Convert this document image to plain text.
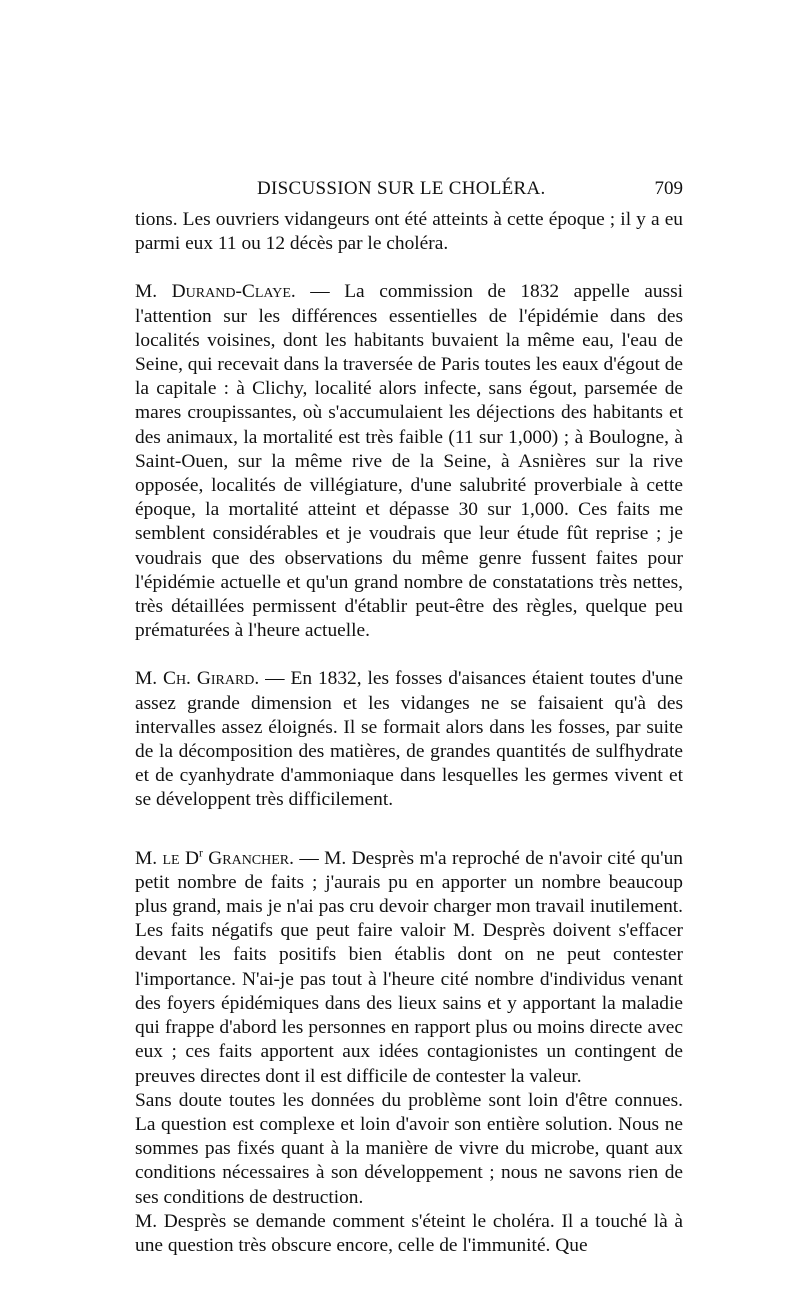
DISCUSSION SUR LE CHOLÉRA.	709

tions. Les ouvriers vidangeurs ont été atteints à cette époque ; il y a eu parmi eux 11 ou 12 décès par le choléra.

M. Durand-Claye. — La commission de 1832 appelle aussi l'attention sur les différences essentielles de l'épidémie dans des localités voisines, dont les habitants buvaient la même eau, l'eau de Seine, qui recevait dans la traversée de Paris toutes les eaux d'égout de la capitale : à Clichy, localité alors infecte, sans égout, parsemée de mares croupissantes, où s'accumulaient les déjections des habitants et des animaux, la mortalité est très faible (11 sur 1,000) ; à Boulogne, à Saint-Ouen, sur la même rive de la Seine, à Asnières sur la rive opposée, localités de villégiature, d'une salubrité proverbiale à cette époque, la mortalité atteint et dépasse 30 sur 1,000. Ces faits me semblent considérables et je voudrais que leur étude fût reprise ; je voudrais que des observations du même genre fussent faites pour l'épidémie actuelle et qu'un grand nombre de constatations très nettes, très détaillées permissent d'établir peut-être des règles, quelque peu prématurées à l'heure actuelle.

M. Ch. Girard. — En 1832, les fosses d'aisances étaient toutes d'une assez grande dimension et les vidanges ne se faisaient qu'à des intervalles assez éloignés. Il se formait alors dans les fosses, par suite de la décomposition des matières, de grandes quantités de sulfhydrate et de cyanhydrate d'ammoniaque dans lesquelles les germes vivent et se développent très difficilement.

M. le $D^r$ Grancher. — M. Desprès m'a reproché de n'avoir cité qu'un petit nombre de faits ; j'aurais pu en apporter un nombre beaucoup plus grand, mais je n'ai pas cru devoir charger mon travail inutilement. Les faits négatifs que peut faire valoir M. Desprès doivent s'effacer devant les faits positifs bien établis dont on ne peut contester l'importance. N'ai-je pas tout à l'heure cité nombre d'individus venant des foyers épidémiques dans des lieux sains et y apportant la maladie qui frappe d'abord les personnes en rapport plus ou moins directe avec eux ; ces faits apportent aux idées contagionistes un contingent de preuves directes dont il est difficile de contester la valeur.

Sans doute toutes les données du problème sont loin d'être connues. La question est complexe et loin d'avoir son entière solution. Nous ne sommes pas fixés quant à la manière de vivre du microbe, quant aux conditions nécessaires à son développement ; nous ne savons rien de ses conditions de destruction.

M. Desprès se demande comment s'éteint le choléra. Il a touché là à une question très obscure encore, celle de l'immunité. Que
